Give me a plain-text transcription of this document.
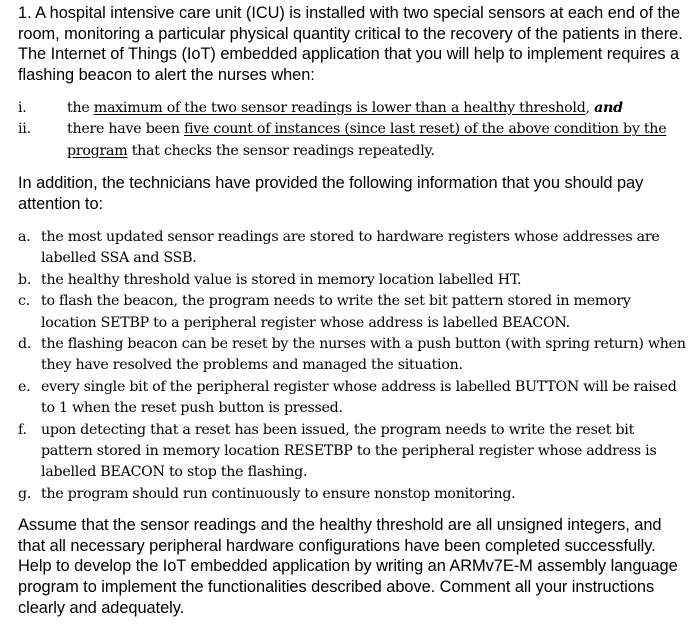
1. A hospital intensive care unit (ICU) is installed with two special sensors at each end of the room, monitoring a particular physical quantity critical to the recovery of the patients in there. The Internet of Things (IoT) embedded application that you will help to implement requires a flashing beacon to alert the nurses when:

i.	the maximum of the two sensor readings is lower than a healthy threshold, and
ii.	there have been five count of instances (since last reset) of the above condition by the program that checks the sensor readings repeatedly.

In addition, the technicians have provided the following information that you should pay attention to:

a. the most updated sensor readings are stored to hardware registers whose addresses are labelled SSA and SSB.
b. the healthy threshold value is stored in memory location labelled HT.
c. to flash the beacon, the program needs to write the set bit pattern stored in memory location SETBP to a peripheral register whose address is labelled BEACON.
d. the flashing beacon can be reset by the nurses with a push button (with spring return) when they have resolved the problems and managed the situation.
e. every single bit of the peripheral register whose address is labelled BUTTON will be raised to 1 when the reset push button is pressed.
f.	upon detecting that a reset has been issued, the program needs to write the reset bit pattern stored in memory location RESETBP to the peripheral register whose address is labelled BEACON to stop the flashing.
g. the program should run continuously to ensure nonstop monitoring.

Assume that the sensor readings and the healthy threshold are all unsigned integers, and that all necessary peripheral hardware configurations have been completed successfully. Help to develop the IoT embedded application by writing an ARMv7E-M assembly language program to implement the functionalities described above. Comment all your instructions clearly and adequately.
